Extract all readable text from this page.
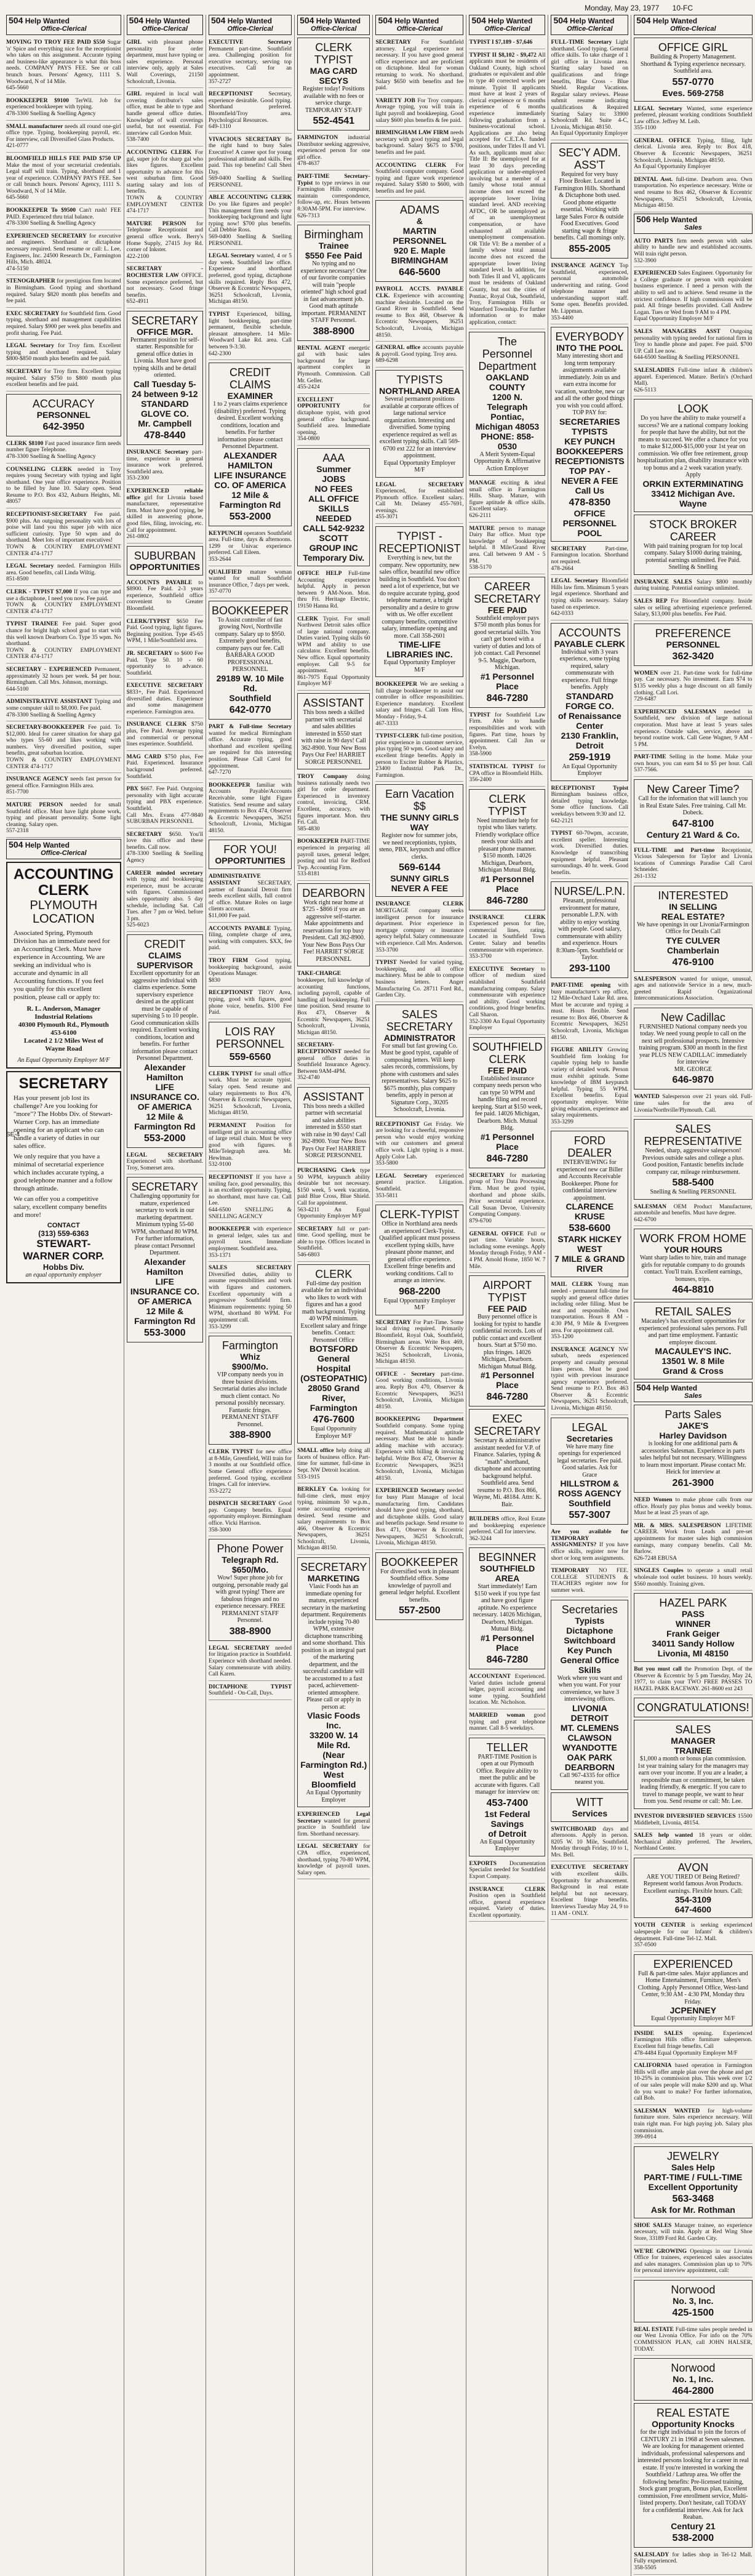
Monday, May 23, 1977 10-FC
504 Help Wanted
Office-Clerical
MOVING TO TROY FEE PAID $550 Sugar 'n' Spice and everything nice for the receptionist who takes on this assignment. Accurate typing and business-like appearance is what this boss needs. COMPANY PAYS FEE. See or call brunch hours. Persons' Agency, 1111 S. Woodward, N of 14 Mile.
645-5660
BOOKKEEPER $9100 TerWil. Job for experienced bookkeeper with typing.
478-3300 Snelling & Snelling Agency
SMALL manufacturer needs all round one-girl office type. Typing, bookkeeping payroll, etc. For interview, call Diversified Glass Products.
421-0777
BLOOMFIELD HILLS FEE PAID $750 UP Make the most of your secretarial credentials. Legal staff will train. Typing, shorthand and 1 year of experience. COMPANY PAYS FEE. See or call brunch hours. Persons' Agency, 1111 S. Woodward, N of 14 Mile.
645-5660
BOOKKEEPER To $9500 Can't rush! FEE PAID. Experienced thru trial balance.
478-3300 Snelling & Snelling Agency
EXPERIENCED SECRETARY for executive and engineers. Shorthand or dictaphone necessary required. Send resume or call: L. Lee, Engineers, Inc. 24500 Research Dr., Farmington Hills, Mich. 48024.
474-5150
STENOGRAPHER for prestigious firm located in Birmingham. Good typing and shorthand required. Salary $820 month plus benefits and fee paid.
EXEC SECRETARY for Southfield firm. Good typing, shorthand and management capabilities required. Salary $900 per week plus benefits and profit sharing. Fee Paid.
LEGAL Secretary for Troy firm. Excellent typing and shorthand required. Salary $800-$850 month plus benefits and fee paid.
SECRETARY for Troy firm. Excellent typing required. Salary $750 to $800 month plus excellent benefits and fee paid.
ACCURACY
PERSONNEL
642-3950
CLERK $8100 Fast paced insurance firm needs number figure Telephone.
478-3300 Snelling & Snelling Agency
COUNSELING CLERK needed in Troy requires young Secretary with typing and light shorthand. One year office experience. Position to be filled by June 10. Salary open. Send Resume to P.O. Box 432, Auburn Heights, Mi. 48057
RECEPTIONIST-SECRETARY Fee paid. $900 plus. An outgoing personality with lots of poise will land you this super job with nice sufficient curiosity. Type 50 wpm and do shorthand. Meet lots of important executives!
TOWN & COUNTRY EMPLOYMENT CENTER 474-1717
LEGAL Secretary needed. Farmington Hills area. Good benefits, call Linda Wiltig.
851-8500
CLERK - TYPIST $7,000 If you can type and use a dictaphone, I need you now. Fee paid.
TOWN & COUNTRY EMPLOYMENT CENTER 474-1717
TYPIST TRAINEE Fee paid. Super good chance for bright high school grad to start with this well known Dearborn Co. Type 35 wpm. No shorthand.
TOWN & COUNTRY EMPLOYMENT CENTER 474-1717
SECRETARY - EXPERIENCED Permanent, approximately 32 hours per week. $4 per hour. Birmingham. Call Mrs. Johnson, mornings.
644-5100
ADMINISTRATIVE ASSISTANT Typing and some computer skill to $8,000. Fee paid.
478-3300 Snelling & Snelling Agency
SECRETARY-BOOKKEEPER Fee paid. To $12,000. Ideal for career situation for sharp gal who types 55-60 and likes working with numbers. Very diversified position, super benefits, great suburban location.
TOWN & COUNTRY EMPLOYMENT CENTER 474-1717
INSURANCE AGENCY needs fast person for general office. Farmington Hills area.
851-7700
MATURE PERSON needed for small Southfield office. Must have light phone work, typing and pleasant personality. Some light cleaning. Salary open.
557-2318
504 Help Wanted
Office-Clerical
ACCOUNTING CLERK
PLYMOUTH LOCATION
Associated Spring, Plymouth Division has an immediate need for an Accounting Clerk. Must have experience in Accounting. We are seeking an individual who is accurate and dynamic in all Accounting functions. If you feel you qualify for this excellent position, please call or apply to:
R. L. Anderson, Manager
Industrial Relations
40300 Plymouth Rd., Plymouth
453-6100
Located 2 1/2 Miles West of Wayne Road
An Equal Opportunity Employer M/F
SECRETARY
Has your present job lost its challenge? Are you looking for "more"? The Hobbs Div. of Stewart-Warner Corp. has an immediate opening for an applicant who can handle a variety of duties in our sales office.
We only require that you have a minimal of secretarial experience which includes accurate typing, a good telephone manner and a follow through attitude.
We can offer you a competitive salary, excellent company benefits and more!
CONTACT
(313) 559-6363
STEWART-WARNER CORP.
Hobbs Div.
an equal opportunity employer
504 Help Wanted
Office-Clerical
GIRL with pleasant phone personality for order department, must have typing or sales experience. Personal interview only, apply at Sales Wall Coverings, 21150 Schoolcraft, Livonia.
GIRL required in local wall covering distributor's sales office, must be able to type and handle general office duties. Knowledge of wall coverings useful, but not essential. For interview call Gordon Muir.
538-7400
ACCOUNTING CLERK For gal, super job for sharp gal who likes figures. Excellent opportunity to advance for this west suburban firm. Good starting salary and lots of benefits.
TOWN & COUNTRY EMPLOYMENT CENTER 474-1717
MATURE PERSON for Telephone Receptionist and general office work. Berry's Home Supply, 27415 Joy Rd. corner of Inkster.
422-2100
SECRETARY - ROCHESTER LAW OFFICE. Some experience preferred, but not necessary. Good fringe benefits.
652-4911
SECRETARY
OFFICE MGR.
Permanent position for self-starter. Responsible for general office duties in Livonia. Must have good typing skills and be detail oriented.
Call Tuesday 5-24 between 9-12
STANDARD GLOVE CO.
Mr. Campbell
478-8440
INSURANCE Secretary part-time, experience in general insurance work preferred. Southfield area.
353-2300
EXPERIENCED reliable office girl for Livonia based manufacturer, representative firm. Must have good typing, be skilled in answering phone, good files, filing, invoicing, etc. Call for appointment.
261-0802
SUBURBAN
OPPORTUNITIES
ACCOUNTS PAYABLE to $8900. Fee Paid. 2-3 years experience, Southfield office convenient to Greater Bloomfield.
CLERK/TYPIST $650 Fee Paid. Good typing, light figures. Beginning position. Type 45-65 WPM, 1 Mile/Southfield area.
JR. SECRETARY to $600 Fee Paid. Type 50. 10 - 60 opportunity to advance. Southfield.
EXECUTIVE SECRETARY $833+, Fee Paid. Experienced diversified duties. Experience and some management experience. Farmington area.
INSURANCE CLERK $750 plus, Fee Paid. Average typing and commercial or personal lines experience. Southfield.
MAG CARD $750 plus, Fee Paid. Experienced. Insurance background preferred. Southfield.
PBX $667. Fee Paid. Outgoing personality with light accurate typing and PBX experience. Southfield.
Call Mrs. Evans 477-9840 SUBURBAN PERSONNEL
SECRETARY $650. You'll love this office and these benefits. Call now.
478-3300 Snelling & Snelling Agency
CAREER minded secretary with typing and bookkeeping experience, must be accurate with figures. Commissioned sales opportunity also. 5 day schedule, including Sat. Call Tues. after 7 pm or Wed. before 3 pm.
525-6023
CREDIT
CLAIMS SUPERVISOR
Excellent opportunity for an aggressive individual with claims experience. Some supervisory experience desired as the applicant must be capable of supervising 5 to 10 people. Good communication skills required. Excellent working conditions, location and benefits. For further information please contact Personnel Department.
Alexander Hamilton
LIFE INSURANCE CO. OF AMERICA
12 Mile & Farmington Rd
553-2000
LEGAL SECRETARY Experienced with shorthand. Troy, Somerset area.
SECRETARY
Challenging opportunity for mature, experienced secretary to work in our marketing department. Minimum typing 55-60 WPM, shorthand 80 WPM. For further information, please contact Personnel Department.
Alexander Hamilton
LIFE INSURANCE CO. OF AMERICA
12 Mile & Farmington Rd
553-3000
504 Help Wanted
Office-Clerical
EXECUTIVE Secretary Permanent part-time. Southfield area. Challenging position for executive secretary, serving top executives. Call for an appointment.
357-2727
RECEPTIONIST	Secretary, experience desirable. Good typing. Shorthand preferred. Bloomfield/Troy area. Psychological Resources.
649-1310
VIVACIOUS SECRETARY Be the right hand to busy Sales Executive! A career spot for young professional attitude and skills. Fee paid. This top benefits! Call Sheri Day.
569-0400 Snelling & Snelling PERSONNEL
ABLE ACCOUNTING CLERK Do you like figures and people? This management firm needs your bookkeeping background and light typing now! $700 plus benefits. Call Debbie Ross.
569-0400 Snelling & Snelling PERSONNEL
LEGAL Secretary wanted, 4 or 5 day week. Southfield law office. Experience and shorthand preferred, good typing, dictaphone skills required. Reply Box 472, Observer & Eccentric Newspapers, 36251 Schoolcraft, Livonia, Michigan 48150.
TYPIST Experienced, billing, light bookkeeping, part-time permanent, flexible schedule, pleasant atmosphere. 14 Mile-Woodward Lake Rd. area. Call between 9-3:30.
642-2300
CREDIT CLAIMS
EXAMINER
1 to 2 years claims experience (disability) preferred. Typing desired. Excellent working conditions, location and benefits. For further information please contact Personnel Department.
ALEXANDER HAMILTON
LIFE INSURANCE CO. OF AMERICA
12 Mile & Farmington Rd
553-2000
KEYPUNCH operators Southfield area. Full-time, days & afternoons. 1299 or Univac experience preferred. Call Eileen.
353-2644
QUALIFIED mature woman wanted for small Southfield insurance Office, 7 days per week.
357-0770
BOOKKEEPER
To Assist controller of fast growing Novi, Northville company. Salary up to $950. Extremely good benefits, company pays our fee. Call BARBARA GOOD PROFESSIONAL PERSONNEL
29189 W. 10 Mile Rd.
Southfield
642-0770
PART & Full-time Secretary wanted for medical Birmingham office. Accurate typing, good shorthand and excellent spelling are required for this interesting position. Please Call Carol for appointment.
647-7270
BOOKKEEPER familiar with Accounts Payable/Accounts Receivable, some light Figure Statistics. Send resume and salary requirements to Box 474, Observer & Eccentric Newspapers, 36251 Schoolcraft, Livonia, Michigan 48150.
FOR YOU!
OPPORTUNITIES
ADMINISTRATIVE ASSISTANT	SECRETARY, partner of financial Detroit firm needs excellent skills, full control of office. Mature Roles on large clients account.
$11,000 Fee paid.
ACCOUNTS PAYABLE Typing, filing, complete charge of area, working with computers. $XX, fee paid.
TROY FIRM Good typing, bookkeeping background, assist Operations Manager.
$830
RECEPTIONIST TROY Area, typing, good with figures, good phone voice, benefits. $100 Fee Paid.
LOIS RAY PERSONNEL
559-6560
CLERK TYPIST for small office work. Must be accurate typist. Salary open. Send resume and salary requirements to Box 476, Observer & Eccentric Newspapers, 36251 Schoolcraft, Livonia, Michigan 48150.
PERMANENT Position for intelligent girl in accounting office of large retail chain. Must be very good with figures. 8 Mile/Telegraph area. Mr. Hewlman.
532-9100
RECEPTIONIST If you have a smiling face, good personality, this is an excellent opportunity. Typing, no shorthand, must have car. Call Lee.
644-6500 SNELLING & SNELLING AGENCY
BOOKKEEPER with experience in general ledger, sales tax and payroll taxes. Immediate employment. Southfield area.
353-1371
SALES SECRETARY Diversified duties, ability to assume responsibilities and work with figures and customers. Excellent opportunity with a progressive Southfield firm. Minimum requirements: typing 50 WPM, shorthand 80 WPM. For appointment call.
353-3299
Farmington
Whiz
$900/Mo.
VIP company needs you in three busiest divisions. Secretarial duties also include much client contact. No personal possibly necessary. Fantastic fringes. PERMANENT STAFF Personnel.
388-8900
CLERK TYPIST for new office at 8-Mile, Greenfield, Will train for 3 months at our Southfield office. Some General office experience preferred. Good typing, excellent fringes. Call for interview.
353-2272
DISPATCH SECRETARY Good pay. Company benefits. Equal opportunity employer. Birmingham office. Vicki Harrison.
358-3000
Phone Power
Telegraph Rd.
$650/Mo.
Wow! Super phone job for outgoing, personable ready gal with great typing! There are fabulous fringes and no experience necessary. FREE PERMANENT STAFF Personnel.
388-8900
LEGAL SECRETARY needed for litigation practice in Southfield. Experience with shorthand needed. Salary commensurate with ability. Call Karen.
DICTAPHONE TYPIST Southfield - On-Call, Days.
504 Help Wanted
Office-Clerical
CLERK TYPIST
MAG CARD
SECYS
Register today! Positions available with no fees or service charge. TEMPORARY STAFF
552-4541
FARMINGTON industrial Distributor seeking aggressive, experienced person for one girl office.
478-4637
PART-TIME Secretary-Typist to type reviews in our Farmington Hills computer, maintain correspondence, follow-up, etc. Hours between 8:30AM-5PM. For interview.
626-7313
Birmingham
Trainee
$550 Fee Paid
No typing and no experience necessary! One of our favorite companies will train "people oriented" high school grad in fast advancement job. Good math aptitude important. PERMANENT STAFF Personnel.
388-8900
RENTAL AGENT energetic gal with basic sales background for large apartment complex in Plymouth. Commission. Call Mr. Geller.
455-2424
EXCELLENT OPPORTUNITY	for dictaphone typist, with good general office background. Southfield area. Immediate opening.
354-0800
AAA
Summer
JOBS
NO FEES
ALL OFFICE
SKILLS NEEDED
CALL 542-9232
SCOTT
GROUP INC
Temporary Div.
OFFICE HELP Full-time Accounting experience helpful. Apply in person between 9 AM-Noon. Mon. thru Fri. Heritage Electric, 19150 Hanna Rd.
CLERK Typist. For small Northwest Detroit sales office of large national company. Duties varied. Typing skills 60 WPM and ability to use calculator. Excellent benefits. New office. Equal opportunity employer. Call 9-5 for appointment.
861-7975 Equal Opportunity Employer M/F
ASSISTANT
This boss needs a skilled partner with secretarial and sales abilities interested in $550 start with raise in 90 days! Call 362-8900. Your New Boss Pays Our Fee! HARRIET SORGE PERSONNEL
TROY Company doing business nationally needs two girl for order department. Experienced in inventory control, invoicing, CRM. Excellent, accuracy, with figures important. Mon. thru Fri. Call.
585-4830
BOOKKEEPER PART-TIME experienced in preparing all payroll taxes, general ledger, posting and trial for Redford Twp. Accounting Firm.
533-8181
DEARBORN
Work right near home at $725 - $866 if you are an aggressive self-starter. Make appointments and reservations for top busy President. Call 362-8900. Your New Boss Pays Our Fee! HARRIET SORGE PERSONNEL
TAKE-CHARGE bookkeeper, full knowledge of accounting functions, including payroll, capable of handling all bookkeeping. Full time position. Send resume to Box 473, Observer & Eccentric Newspapers, 36251 Schoolcraft, Livonia, Michigan 48150.
SECRETARY-RECEPTIONIST needed for general office duties in Southfield Insurance Agency. Between 9AM-4PM.
352-4740
ASSISTANT
This boss needs a skilled partner with secretarial and sales abilities interested in $550 start with raise in 90 days! Call 362-8900. Your New Boss Pays Our Fee! HARRIET SORGE PERSONNEL
PURCHASING Clerk type 50 WPM, keypunch ability desirable but not necessary. $150 week, 5 week vacation, paid Blue Cross, Blue Shield. Call for appointment.
563-4211 An Equal Opportunity Employer M/F
SECRETARY full or part-time. Good spelling, must be able to type. Offices located in Southfield.
546-6803
CLERK
Full-time day position available for an individual who likes to work with figures and has a good math background. Typing 40 WPM minimum. Excellent salary and fringe benefits. Contact: Personnel Office
BOTSFORD
General Hospital
(OSTEOPATHIC)
28050 Grand River, Farmington
476-7600
Equal Opportunity Employer M/F
SMALL office help doing all facets of business office. Part-time for summer, full-time in Sept. NW Detroit location.
533-1915
BERKLEY Co. looking for full-time clerk, must enjoy typing, minimum 50 w.p.m., some accounting experience desired. Send resume and salary requirements to Box 466, Observer & Eccentric Newspapers, 36251 Schoolcraft, Livonia, Michigan 48150.
SECRETARY
MARKETING
Vlasic Foods has an immediate opening for mature, experienced secretary in the marketing department. Requirements include typing 70-80 WPM, extensive dictaphone transcribing and some shorthand. This position is an integral part of the marketing department, and the successful candidate will be accustomed to a fast paced, achievement-oriented atmosphere. Please call or apply in person at:
Vlasic Foods Inc.
33200 W. 14 Mile Rd.
(Near Farmington Rd.)
West Bloomfield
An Equal Opportunity Employer
EXPERIENCED Legal Secretary wanted for general practice in Southfield law firm. Shorthand necessary.
LEGAL SECRETARY for CPA office, experienced, shorthand, typing 70-80 WPM, knowledge of payroll taxes. Salary open.
504 Help Wanted
Office-Clerical
SECRETARY For Southfield attorney. Legal experience not necessary. If you have good general office experience and are proficient on dictaphone. Ideal for woman returning to work. No shorthand. Salary $650 with benefits and fee paid.
VARIETY JOB For Troy company. Average typing, you will train in light payroll and bookkeeping. Good salary $600 plus benefits & fee paid.
BIRMINGHAM LAW FIRM needs secretary with good typing and legal background. Salary $675 to $700, benefits and fee paid.
ACCOUNTING CLERK For Southfield computer company. Good typing and figure work experience required. Salary $580 to $600, with benefits and fee paid.
ADAMS
&
MARTIN
PERSONNEL
920 E. Maple BIRMINGHAM
646-5600
PAYROLL ACCTS. PAYABLE CLK. Experience with accounting machine desirable. Located on the Grand River in Southfield. Send resume to Box 468, Observer & Eccentric Newspapers, 36251 Schoolcraft, Livonia, Michigan 48150.
GENERAL office accounts payable & payroll. Good typing. Troy area.
689-6298
TYPISTS
NORTHLAND AREA
Several permanent positions available at corporate offices of large national service organization. Interesting and diversified. Some typing experience required as well as excellent typing skills. Call 569-6700 ext 222 for an interview appointment.
Equal Opportunity Employer M/F
LEGAL SECRETARY Experienced, for established Plymouth office. Excellent salary. Call Mr. Delaney 455-7691, evenings.
455-3071
TYPIST - RECEPTIONIST
Everything is new, but the company. New opportunity, new sales office, beautiful new office building in Southfield. You don't need a lot of experience, but we do require accurate typing, good telephone manner, a bright personality and a desire to grow with us. We offer excellent company benefits, competitive salary, immediate opening and more. Call 358-2601
TIME-LIFE LIBRARIES INC.
Equal Opportunity Employer M/F
BOOKKEEPER We are seeking a full charge bookkeeper to assist our controller in office responsibilities. Experience mandatory. Excellent salary and fringes. Call Tom Hiss, Monday - Friday, 9-4.
467-3333
TYPIST-CLERK full-time position, prior experience in customer service, plus typing 50 wpm. Good salary and excellent fringe benefits. Apply in person to Exciter Rubber & Plastics, 23400 Industrial Park Dr., Farmington.
Earn Vacation $$
THE SUNNY GIRLS WAY
Register now for summer jobs, we need receptionists, typists, steno, PBX, keypunch and office clerks.
569-6144
SUNNY GIRLS
NEVER A FEE
INSURANCE CLERK MORTGAGE company seeks intelligent person for insurance department. Prior experience in mortgage company or insurance agency helpful. Salary commensurate with experience. Call Mrs. Anderson.
353-3700
TYPIST Needed for varied typing, bookkeeping, and all office machinery. Must be able to compose business letters. Anger Manufacturing Co. 28711 Ford Rd., Garden City.
SALES SECRETARY
ADMINISTRATOR
For small but fast growing Co. Must be good typist, capable of composing letters. Will keep sales records, commissions, by phone with customers and sales representatives. Salary $625 to $675 monthly, plus company benefits, apply in person at Signature Corp., 30205 Schoolcraft, Livonia.
RECEPTIONIST Get Friday. We are looking for a cheerful, responsive person who would enjoy working with our customers and general office work. Light typing is a must. Apply Color Lab.
353-5800
LEGAL Secretary experienced general practice. Litigation. Southfield.
353-5811
CLERK-TYPIST
Office in Northland area needs an experienced Clerk-Typist. Qualified applicant must possess excellent typing skills, have pleasant phone manner, and general office experience. Excellent fringe benefits and working conditions. Call to arrange an interview.
968-2200
Equal Opportunity Employer M/F
SECRETARY For Part-Time. Some local driving required. Primarily Bloomfield, Royal Oak, Southfield, Birmingham areas. Write Box 469, Observer & Eccentric Newspapers, 36251 Schoolcraft, Livonia, Michigan 48150.
OFFICE - Secretary part-time. Good working conditions, Livonia area. Reply Box 470, Observer & Eccentric Newspapers, 36251 Schoolcraft, Livonia, Michigan 48150.
BOOKKEEPING Department Southfield company. Some typing required. Mathematical aptitude necessary. Must be able to handle adding machine with accuracy. Experience with billing & invoicing helpful. Write Box 472, Observer & Eccentric Newspapers, 36251 Schoolcraft, Livonia, Michigan 48150.
EXPERIENCED Secretary needed for busy Plant Manager of local manufacturing firm. Candidates should have good typing, shorthand, and dictaphone skills. Good salary and benefits package. Send resume to Box 471, Observer & Eccentric Newspapers, 36251 Schoolcraft, Livonia, Michigan 48150.
BOOKKEEPER
For diversified work in pleasant Southfield office. Some knowledge of payroll and general ledger helpful. Excellent benefits.
557-2500
504 Help Wanted
Office-Clerical
TYPIST I $7,189 - $7,646
TYPIST II $8,102 - $9,472 All applicants must be residents of Oakland County, high school graduates or equivalent and able to type 40 corrected words per minute. Typist II applicants must have at least 2 years of clerical experience or 6 months experience of 6 months experience immediately following graduation from a business-vocational school. Applications are also being accepted for C.E.T.A. funded positions, under Titles II and VI. As such, applicants must also: Title II: Be unemployed for at least 30 days preceding application or under-employed involving but a member of a family whose total annual income does not exceed the appropriate lower living standard level. AND receiving AFDC, OR be unemployed as of an unemployment compensation, or have exhausted all available unemployment compensation. OR Title VI: Be a member of a family whose total annual income does not exceed the appropriate lower living standard level. In addition, for both Titles II and VI, applicants must be residents of Oakland County, but not the cities of Pontiac, Royal Oak, Southfield, Troy, Farmington Hills or Waterford Township. For further information or to make application, contact:
The Personnel Department
OAKLAND COUNTY
1200 N. Telegraph
Pontiac, Michigan 48053
PHONE: 858-0530
A Merit System-Equal Opportunity & Affirmative Action Employer
MANAGE exciting & ideal small office in Farmington Hills. Sharp. Mature, with figure aptitude & office skills. Excellent salary.
626-2111
MATURE person to manage Dairy Bar office. Must type knowledge of bookkeeping helpful. 8 Mile/Grand River area. Call between 9 AM - 5 PM.
538-5170
CAREER SECRETARY
FEE PAID
Southfield employer pays $750 month plus bonus for good secretarial skills. You can't get bored with a variety of duties and lots of job contact. Call Personnel 9-5. Maggie, Dearborn, Michigan.
#1 Personnel Place
846-7280
TYPIST for Southfield Law Firm. Able to handle responsibilities and work with figures. Part time, hours by appointment. Call Jim or Evelyn.
358-5900
STATISTICAL TYPIST for CPA office in Bloomfield Hills.
356-2400
CLERK TYPIST
Need immediate help for typist who likes variety. Friendly workplace office needs your skills and pleasant phone manner. $150 month. 14026 Michigan, Dearborn, Michigan Mutual Bldg.
#1 Personnel Place
846-7280
INSURANCE CLERK Experienced person for fire, commercial lines, rating. Located in Southfield Town Center. Salary and benefits commensurate with experience.
353-3700
EXECUTIVE Secretary to officer of medium sized established Southfield manufacturing company. Salary commensurate with experience and ability. Good working conditions, good fringe benefits. Call Sharon.
352-3300 An Equal Opportunity Employer
SOUTHFIELD CLERK
FEE PAID
Established insurance company needs person who can type 50 WPM and handle filing and record keeping. Start at $150 week, fee paid. 14026 Michigan, Dearborn. Mich. Mutual Bldg.
#1 Personnel Place
846-7280
SECRETARY for marketing group of Troy Data Processing Firm. Must be good typist, shorthand and phone skills. Prior secretarial experience. Call Susan Devoe, University Computing Company.
879-6700
GENERAL OFFICE Full or part time. Variable hours, including some evenings. Apply Monday through Friday, 9 AM - 4 PM. Arnold Home, 1850 W. 7 Mile.
AIRPORT TYPIST
FEE PAID
Busy personnel office is looking for typist to handle confidential records. Lots of public contact and excellent hours. Start at $750 mo. plus fringes. 14026 Michigan, Dearborn. Michigan Mutual Bldg.
#1 Personnel Place
846-7280
EXEC SECRETARY
Secretary & administrative assistant needed for V.P. of Finance. Salaries, typing & "math" shorthand, dictaphone and accounting background helpful. Southfield area. Send resume to P.O. Box 866, Wayne, Mi. 48184. Attn: K. Bair.
BUILDERS office, Real Estate and bookkeeping experience preferred. Call for interview.
362-3244
BEGINNER
SOUTHFIELD AREA
Start immediately! Earn $150 week if you type fast and have good figure aptitude. No experience necessary. 14026 Michigan, Dearborn, Michigan. Mutual Bldg.
#1 Personnel Place
846-7280
ACCOUNTANT Experienced. Varied duties include general ledger, payroll accounting and some typing. Southfield location. Mr. Nicholson.
MARRIED woman good typing and great telephone manner. Call 8-5 weekdays.
TELLER
PART-TIME Position is open at our Plymouth Office. Require ability to meet the public and be accurate with figures. Call manager for interview on:
453-7400
1st Federal Savings
of Detroit
An Equal Opportunity Employer
EXPORTS Documentation Specialist needed for Southfield Export Company.
INSURANCE CLERK Position open in Southfield office, general experience required. Variety of duties. Excellent opportunity.
504 Help Wanted
Office-Clerical
FULL-TIME Secretary Light shorthand. Good typing. General office skills. To take charge of 1 girl office in Livonia area. Starting salary based on qualifications and fringe benefits, Blue Cross - Blue Shield. Regular Vacations. Regular salary reviews. Please submit resume indicating qualifications & Required Starting Salary to: 33900 Schoolcraft Rd. Suite 4-C, Livonia, Michigan 48150.
An Equal Opportunity Employer
SEC'Y ADM. ASS'T
Required for very busy Floor Broker. Located in Farmington Hills. Shorthand & Dictaphone both used. Good phone etiquette essential. Working with large Sales Force & outside Food Executives. Good starting wage & fringe benefits. Call mornings only.
855-2005
INSURANCE AGENCY Top Southfield, experienced, personal automobile underwriting and rating. Good telephone manner and understanding support staff. Some open. Benefits provided. Mr. Lippman.
353-4400
EVERYBODY
INTO THE POOL
Many interesting short and long term temporary assignments available immediately. Join us and earn extra income for vacation, wardrobe, new car and all the other good things you wish you could afford. TOP PAY for:
SECRETARIES
TYPISTS
KEY PUNCH
BOOKKEEPERS
RECEPTIONISTS
TOP PAY - NEVER A FEE
Call Us
478-8350
OFFICE
PERSONNEL POOL
SECRETARY	Part-time, Farmington location. Shorthand not required.
478-2664
LEGAL Secretary Bloomfield Hills law firm. Minimum 5 years legal experience. Shorthand and typing skills necessary. Salary based on experience.
642-0333
ACCOUNTS
PAYABLE CLERK
Individual with 3 years experience, some typing required, salary commensurate with experience. Full fringe benefits. Apply
STANDARD FORGE CO.
of Renaissance Center
2130 Franklin, Detroit
259-1919
An Equal Opportunity Employer
RECEPTIONIST Typist Birmingham business office, detailed typing knowledge. Some office functions. Call weekdays between 9:30 and 12.
642-2121
TYPIST 60-70wpm, accurate, excellent speller. Interesting work. Diversified duties. Knowledge of transcribing equipment helpful. Pleasant surroundings. 40 hr. week. Good benefits.
NURSE/L.P.N.
Pleasant, professional environment for mature, personable L.P.N. with ability to enjoy working with people. Good salary, commensurate with ability and experience. Hours 8:30am-5pm. Southfield or Taylor.
293-1100
PART-TIME opening with busy manufacturer's rep office, 12 Mile-Orchard Lake Rd. area. Must be accurate and typing a must. Hours flexible. Send resume to: Box 466, Observer & Eccentric Newspapers, 36251 Schoolcraft, Livonia, Michigan 48150.
FIGURE ABILITY Growing Southfield firm looking for capable typing help to handle variety of detailed work. Person must exhibit aptitude. Some knowledge of IBM keypunch helpful. Typing 55 WPM. Excellent benefits. Equal opportunity employer. Write giving education, experience and salary requirements.
353-3299
FORD DEALER
INTERVIEWING for experienced new car Biller and Accounts Receivable Bookkeeper. Phone for confidential interview appointment.
CLARENCE KRUSE
538-6600
STARK HICKEY WEST
7 MILE & GRAND RIVER
MAIL CLERK Young man needed - permanent full-time for supply and general office duties including order filling. Must be neat and responsible. Own transportation. Hours 8 AM - 4:30 PM, 9 Mile & Evergreen area. For appointment call.
353-1200
INSURANCE AGENCY NW suburb, needs experienced property and casualty personal lines person. Must be good typist with previous insurance agency experience preferred. Send resume to P.O. Box 463 Observer & Eccentric Newspapers, 36251 Schoolcraft, Livonia, Michigan 48150.
LEGAL
Secretaries
We have many fine openings for experienced legal secretaries. Fee paid. Good salaries. Ask for Grace
HILLSTROM & ROSS AGENCY
Southfield
557-3007
Are you available for TEMPORARY ASSIGNMENTS? If you have office skills, register now for short or long term assignments.
TEMPORARY NO FEE. COLLEGE STUDENTS & TEACHERS register now for summer work.
Secretaries
Typists
Dictaphone
Switchboard
Key Punch
General Office Skills
Work where you want and when you want. For your convenience, we have 3 interviewing offices.
LIVONIA DETROIT
MT. CLEMENS CLAWSON
WYANDOTTE OAK PARK
DEARBORN
Call 967-4335 for office nearest you.
WITT
Services
SWITCHBOARD days and afternoons. Apply in person. 8205 W. 10 Mile, Southfield. Monday through Friday, 10 to 1, Mrs. Bell.
EXECUTIVE SECRETARY with excellent skills. Opportunity for advancement. Background in real estate helpful but not necessary. Excellent fringe benefits. Interviews Tuesday May 24, 9 to 11 AM - ONLY.
504 Help Wanted
Office-Clerical
OFFICE GIRL
Building & Property Management. Shorthand & Typing experience necessary. Southfield area.
557-0770
Eves. 569-2758
LEGAL Secretary Wanted, some experience preferred, pleasant working conditions Southfield Law office. Jeffrey M. Leib.
355-1100
GENERAL OFFICE Typing, filing, light clerical. Livonia area. Reply to: Box 418, Observer & Eccentric Newspapers, 36251 Schoolcraft, Livonia, Michigan 48150.
An Equal Opportunity Employer
DENTAL Asst. full-time. Dearborn area. Own transportation. No experience necessary. Write or send resume to Box 462, Observer & Eccentric Newspapers, 36251 Schoolcraft, Livonia, Michigan 48150.
506 Help Wanted
Sales
AUTO PARTS firm needs person with sales ability to handle new and established accounts. Will train right person.
532-3900
EXPERIENCED Sales Engineer. Opportunity for a College graduate or person with equivalent business experience. I need a person with the ability to sell and to achieve. Send resume in the strictest confidence. If high commissions will be paid. All fringe benefits provided. Call Andrew Logan. Tues or Wed from 9 AM to 4 PM.
Equal Opportunity Employer M/F
SALES MANAGERS ASST Outgoing personality with typing needed for national firm in Troy to handle phone and paper. Fee paid. $700 UP. Call Lee now.
644-6500 Snelling & Snelling PERSONNEL
SALESLADIES Full-time infant & children's apparel. Experienced. Mature. Berlin's (Orchard Mall).
626-5113
LOOK
Do you have the ability to make yourself a success? We are a national company looking for people that have the ability, but not the means to succeed. We offer a chance for you to make $12,000-$15,000 your 1st year on commission. We offer free retirement, group hospitalization plan, disability insurance with top bonus and a 2 week vacation yearly. Apply
ORKIN EXTERMINATING
33412 Michigan Ave. Wayne
STOCK BROKER CAREER
With paid training program for top local company. Salary $1000 during training, potential earnings unlimited. Fee Paid.
Snelling & Snelling
INSURANCE SALES Salary $800 monthly during training. Potential earnings unlimited.
SALES REP For Bloomfield company. Inside sales or selling advertising experience preferred. Salary, $13,000 plus benefits. Fee Paid.
PREFERENCE
PERSONNEL
362-3420
WOMEN over 21. Part-time work for full-time pay. Car necessary. No investment. Earn $74 to $135 weekly plus a huge discount on all family clothing. Call Lori.
729-6487
EXPERIENCED SALESMAN needed in Southfield, new division of large national corporation. Must have at least 5 years sales experience. Outside sales, service, above and beyond routine work. Call Gene Wagner, 9 AM - 5 PM.
PART-TIME Selling in the home. Make your own hours, you can earn $4 to $5 per hour. Call 537-7566.
New Career Time?
Call for the information that will launch you in Real Estate Sales. Free training. Call Mr. Dobeck.
647-8100
Century 21 Ward & Co.
FULL-TIME and Part-time Receptionist, Vicious Salesperson for Taylor and Livonia locations of Cummings Paradise Call Carol Schneider.
261-1332
INTERESTED
IN SELLING
REAL ESTATE?
We have openings in our Livonia/Farmington Office for Details Call
TYE CULVER
Chamberlain
476-9100
SALESPERSON wanted for unique, unusual, ages and nationwide Service in a new, much-greeted Rapid Organizational Intercommunications Association.
New Cadillac
FURNISHED National company needs you today. We need young people to call on the next sell professional prospects. Intensive training program. $300 an month in the first year PLUS NEW CADILLAC immediately for interview
MR. GEORGE
646-9870
WANTED Salesperson over 21 years old. Full-time sales for the area of Livonia/Northville/Plymouth. Call.
SALES REPRESENTATIVE
Needed, sharp, aggressive salesperson! Previous outside sales and college a plus. Good position, Fantastic benefits include company car, mileage reimbursement.
588-5400
Snelling & Snelling PERSONNEL
SALESMAN OEM Product Manufacturer, automobile and benefits. Must have degree.
642-6700
WORK FROM HOME
YOUR HOURS
Want sharp ladies to hire, train and manage girls for reputable company to do grounds contact. You'll train. Excellent earnings, bonuses, trips.
464-8810
RETAIL SALES
Macauley's has excellent opportunities for experienced professional sales persons. Full and part time employment. Fantastic employee discount.
MACAULEY'S INC.
13501 W. 8 Mile
Grand & Cross
504 Help Wanted
Sales
Parts Sales
JAKE'S
Harley Davidson
is looking for one additional parts & accessories Salesman. Experience in parts sales helpful but not necessary. Willingness to learn most important. Please contact Mr. Heick for interview at
261-3900
NEED Women to make phone calls from our office. Hourly pay plus bonus and weekly bonus. Must be at least 25 years of age.
MR. & MRS. SALESPERSON LIFETIME CAREER. Work from Leads and pre-set appointments for master sales high commission earnings, many company benefits. Call Mr. Barlow.
626-7248 EBUSA
SINGLES Couples to operate a small retail wholesale tool outlet business. 10 hours weekly. $560 monthly. Training given.
HAZEL PARK
PASS
WINNER
Frank Geiger
34011 Sandy Hollow
Livonia, MI 48150
But you must call the Promotion Dept. of the Observer & Eccentric by 5 pm Tuesday, May 24, 1977, to claim your TWO FREE PASSES TO HAZEL PARK RACEWAY. 261-8600 ext 243
CONGRATULATIONS!
SALES
MANAGER
TRAINEE
$1,000 a month or bonus plan commission. 1st year training salary for the managers may earn over your income. If you are a leader, a responsible man or commitment, be taken leading friendly, & energetic. If you care to travel to manage people, we want to hear from you. Send resume or call: Mr. Lee.
INVESTOR DIVERSIFIED SERVICES 15500 Middlebelt, Livonia, 48154.
SALES help wanted 18 years or older. Mechanical ability preferred. The Jewelers, Northland Center.
AVON
ARE YOU TIRED Of Being Retired? Represent world famous Avon Products. Excellent earnings. Flexible hours. Call:
354-3109
647-4600
YOUTH CENTER is seeking experienced salespeople for our Infants' & children's department. Full-time Tel-12. Mall.
357-0500
EXPERIENCED
Full & part-time sales. Major appliances and Home Entertainment, Furniture, Men's Clothing. Apply Personnel Office, West-land Center, 9:30 AM - 4:30 PM, Monday thru Friday.
JCPENNEY
Equal Opportunity Employer M/F
INSIDE SALES opening. Experienced Farmington Hills office furniture salesperson. Excellent full fringe benefits. Call
478-4484 Equal Opportunity Employer M/F
CALIFORNIA based operation in Farmington Hills will offer ample plan over the phone and get 10-25% in commission plus. This week over 1/2 of our sales people will make $200 and up. What do you want to make? For further information, call Bob.
SALESMAN WANTED for high-volume furniture store. Sales experience necessary. Will train right man. For high paying job. Salary plus commission.
399-0914
JEWELRY
Sales Help
PART-TIME / FULL-TIME
Excellent Opportunity
563-3468
Ask for Mr. Rothman
SHOE SALES Manager trainee, no experience necessary, will train. Apply at Red Wing Shoe Store, 33189 Ford Rd. Garden City.
WE'RE GROWING Openings in our Livonia Office for trainees, experienced sales associates and sales managers. Commission plan up to 70% for personal interview appointment, call:
Norwood
No. 3, Inc.
425-1500
REAL ESTATE Full-time sales people needed in our West Livonia Office. For info on the 70% COMMISSION PLAN, call JOHN HALSER, TODAY.
Norwood
No. 1, Inc.
464-2800
REAL ESTATE
Opportunity Knocks
for the right individual to join the forces of CENTURY 21 in 1968 at Seven salesmen. We are looking for management oriented individuals, professional salespersons and interested persons looking for a career in real estate. If you're interested in working the Southfield / Lathrup area. We offer the following benefits: Pre-licensed training, Stock grant program, Bonus plan, Excellent commission, Free enrollment service, Multi-listed property. Don't hesitate, call TODAY for a confidential interview. Ask for Jack Reaban.
Century 21
538-2000
SALESLADY for ladies shop in Tel-12 Mall. Fully experienced.
358-5505
SE-4
